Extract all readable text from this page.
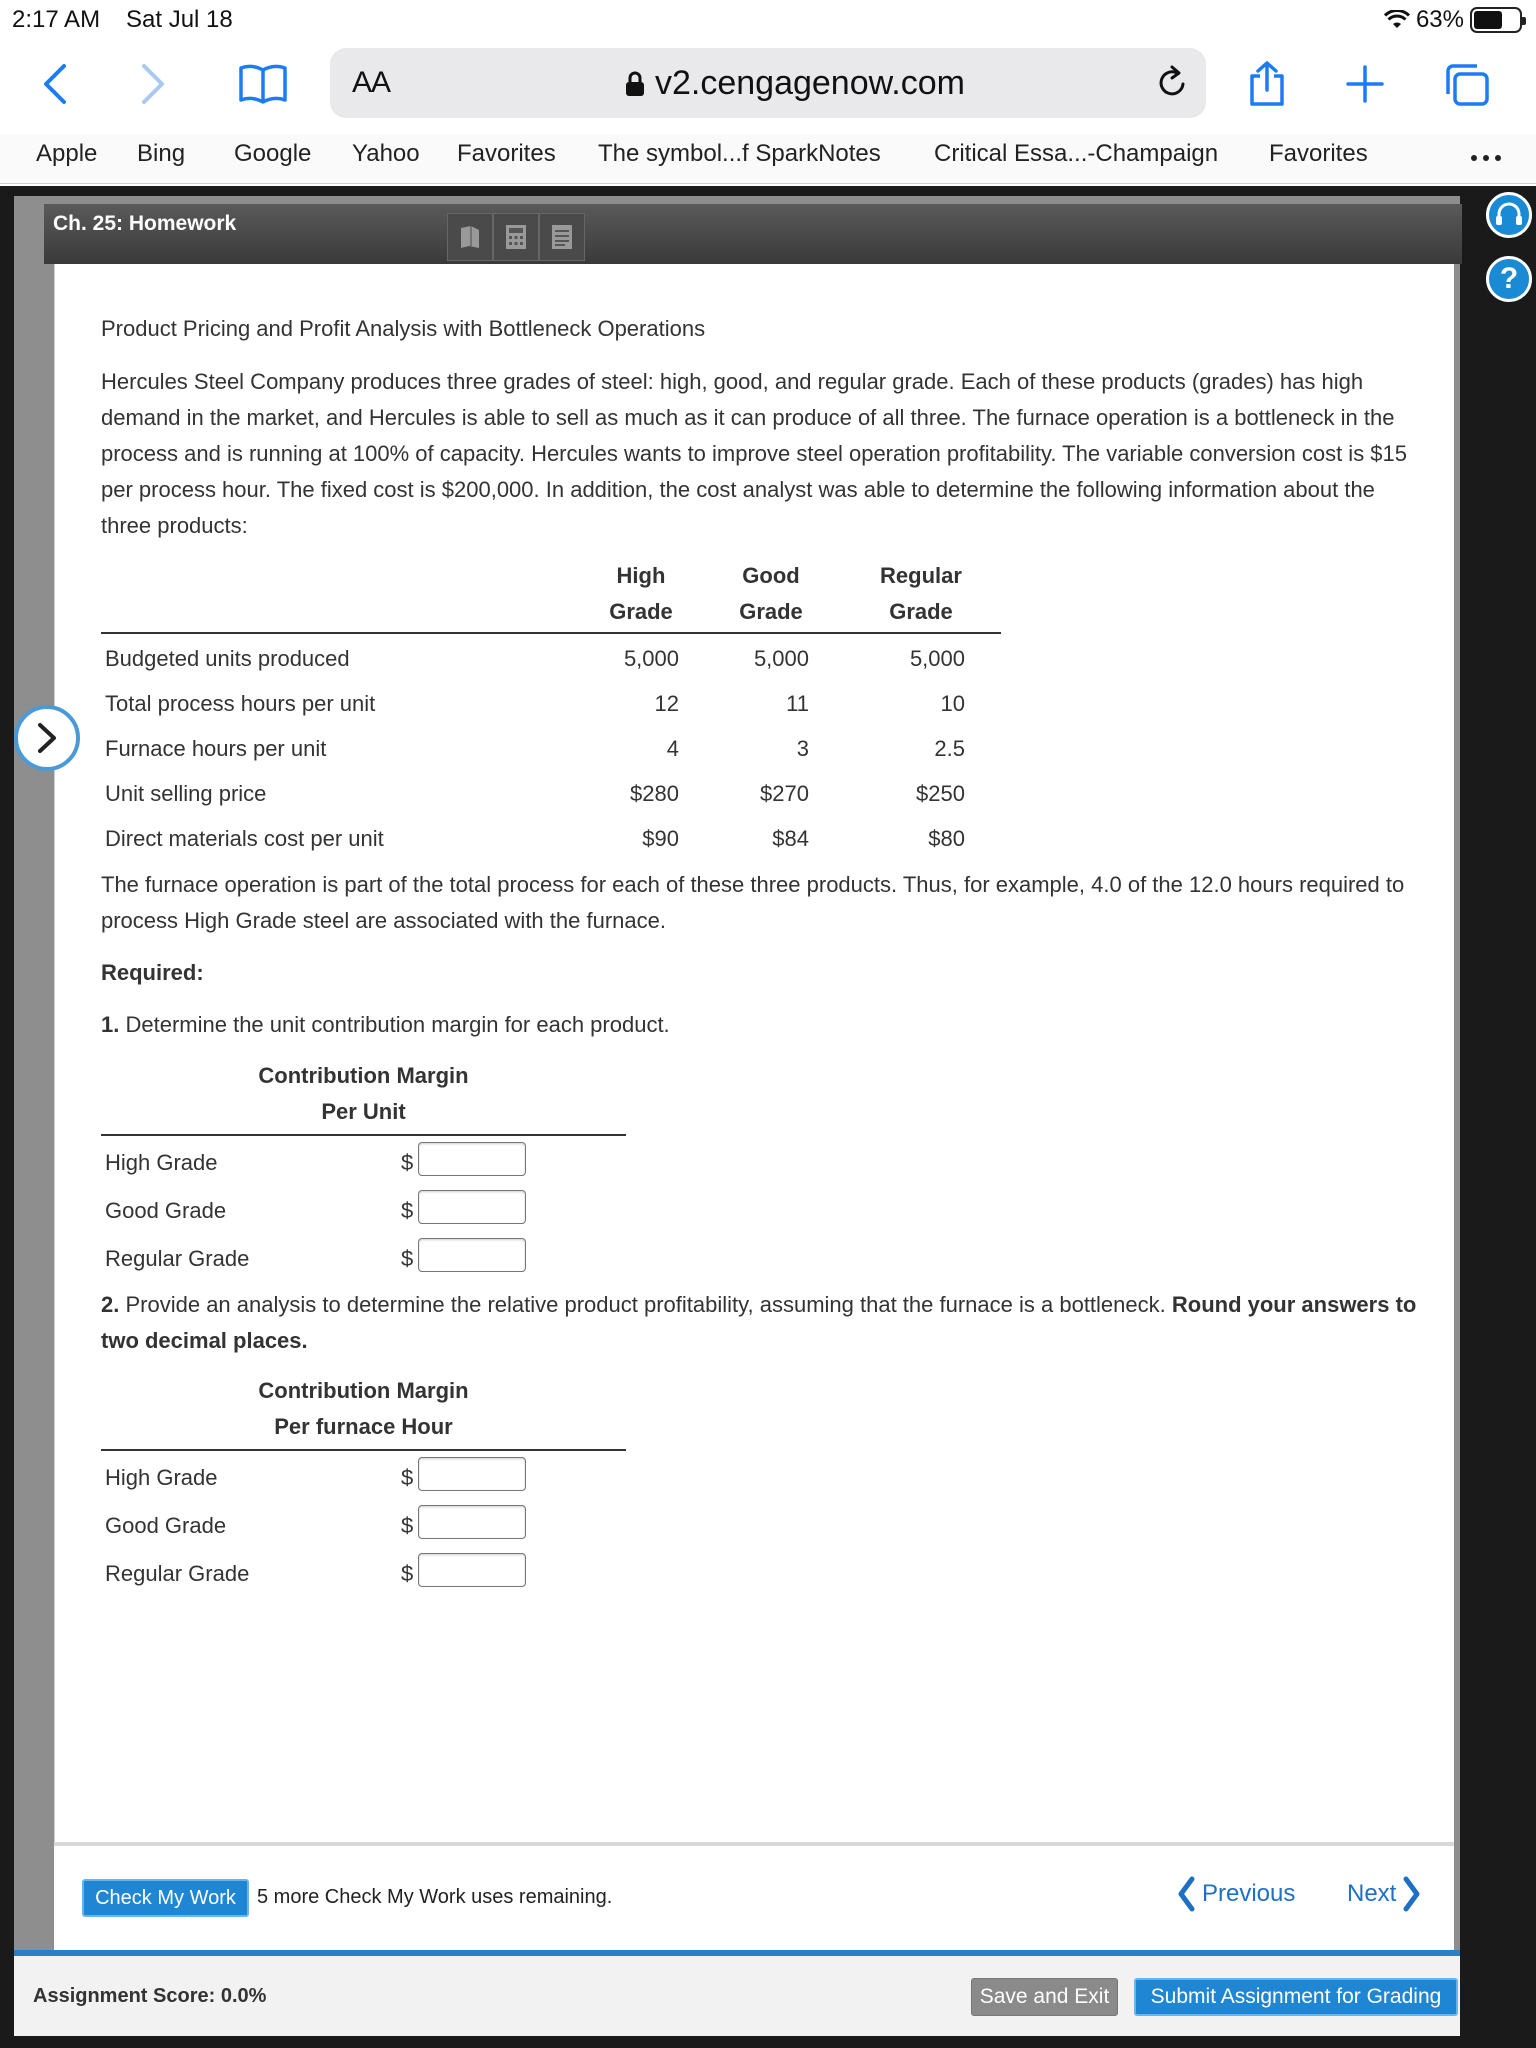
2:17 AM Sat Jul 18	63%
AA	v2.cengagenow.com
Apple Bing Google Yahoo Favorites The symbol...f SparkNotes Critical Essa...-Champaign Favorites
Ch. 25: Homework
?
Product Pricing and Profit Analysis with Bottleneck Operations
Hercules Steel Company produces three grades of steel: high, good, and regular grade. Each of these products (grades) has high demand in the market, and Hercules is able to sell as much as it can produce of all three. The furnace operation is a bottleneck in the process and is running at 100% of capacity. Hercules wants to improve steel operation profitability. The variable conversion cost is $15 per process hour. The fixed cost is $200,000. In addition, the cost analyst was able to determine the following information about the three products:
High
Grade
Good
Grade
Regular
Grade
Budgeted units produced	5,000	5,000	5,000
Total process hours per unit	12	11	10
Furnace hours per unit	4	3	2.5
Unit selling price	$280	$270	$250
Direct materials cost per unit	$90	$84	$80
The furnace operation is part of the total process for each of these three products. Thus, for example, 4.0 of the 12.0 hours required to process High Grade steel are associated with the furnace.
Required:
1. Determine the unit contribution margin for each product.
Contribution Margin
Per Unit
High Grade	$
Good Grade	$
Regular Grade	$
2. Provide an analysis to determine the relative product profitability, assuming that the furnace is a bottleneck. Round your answers to two decimal places.
Contribution Margin
Per furnace Hour
High Grade	$
Good Grade	$
Regular Grade	$
Check My Work	5 more Check My Work uses remaining.	Previous Next
Assignment Score: 0.0%	Save and Exit	Submit Assignment for Grading
